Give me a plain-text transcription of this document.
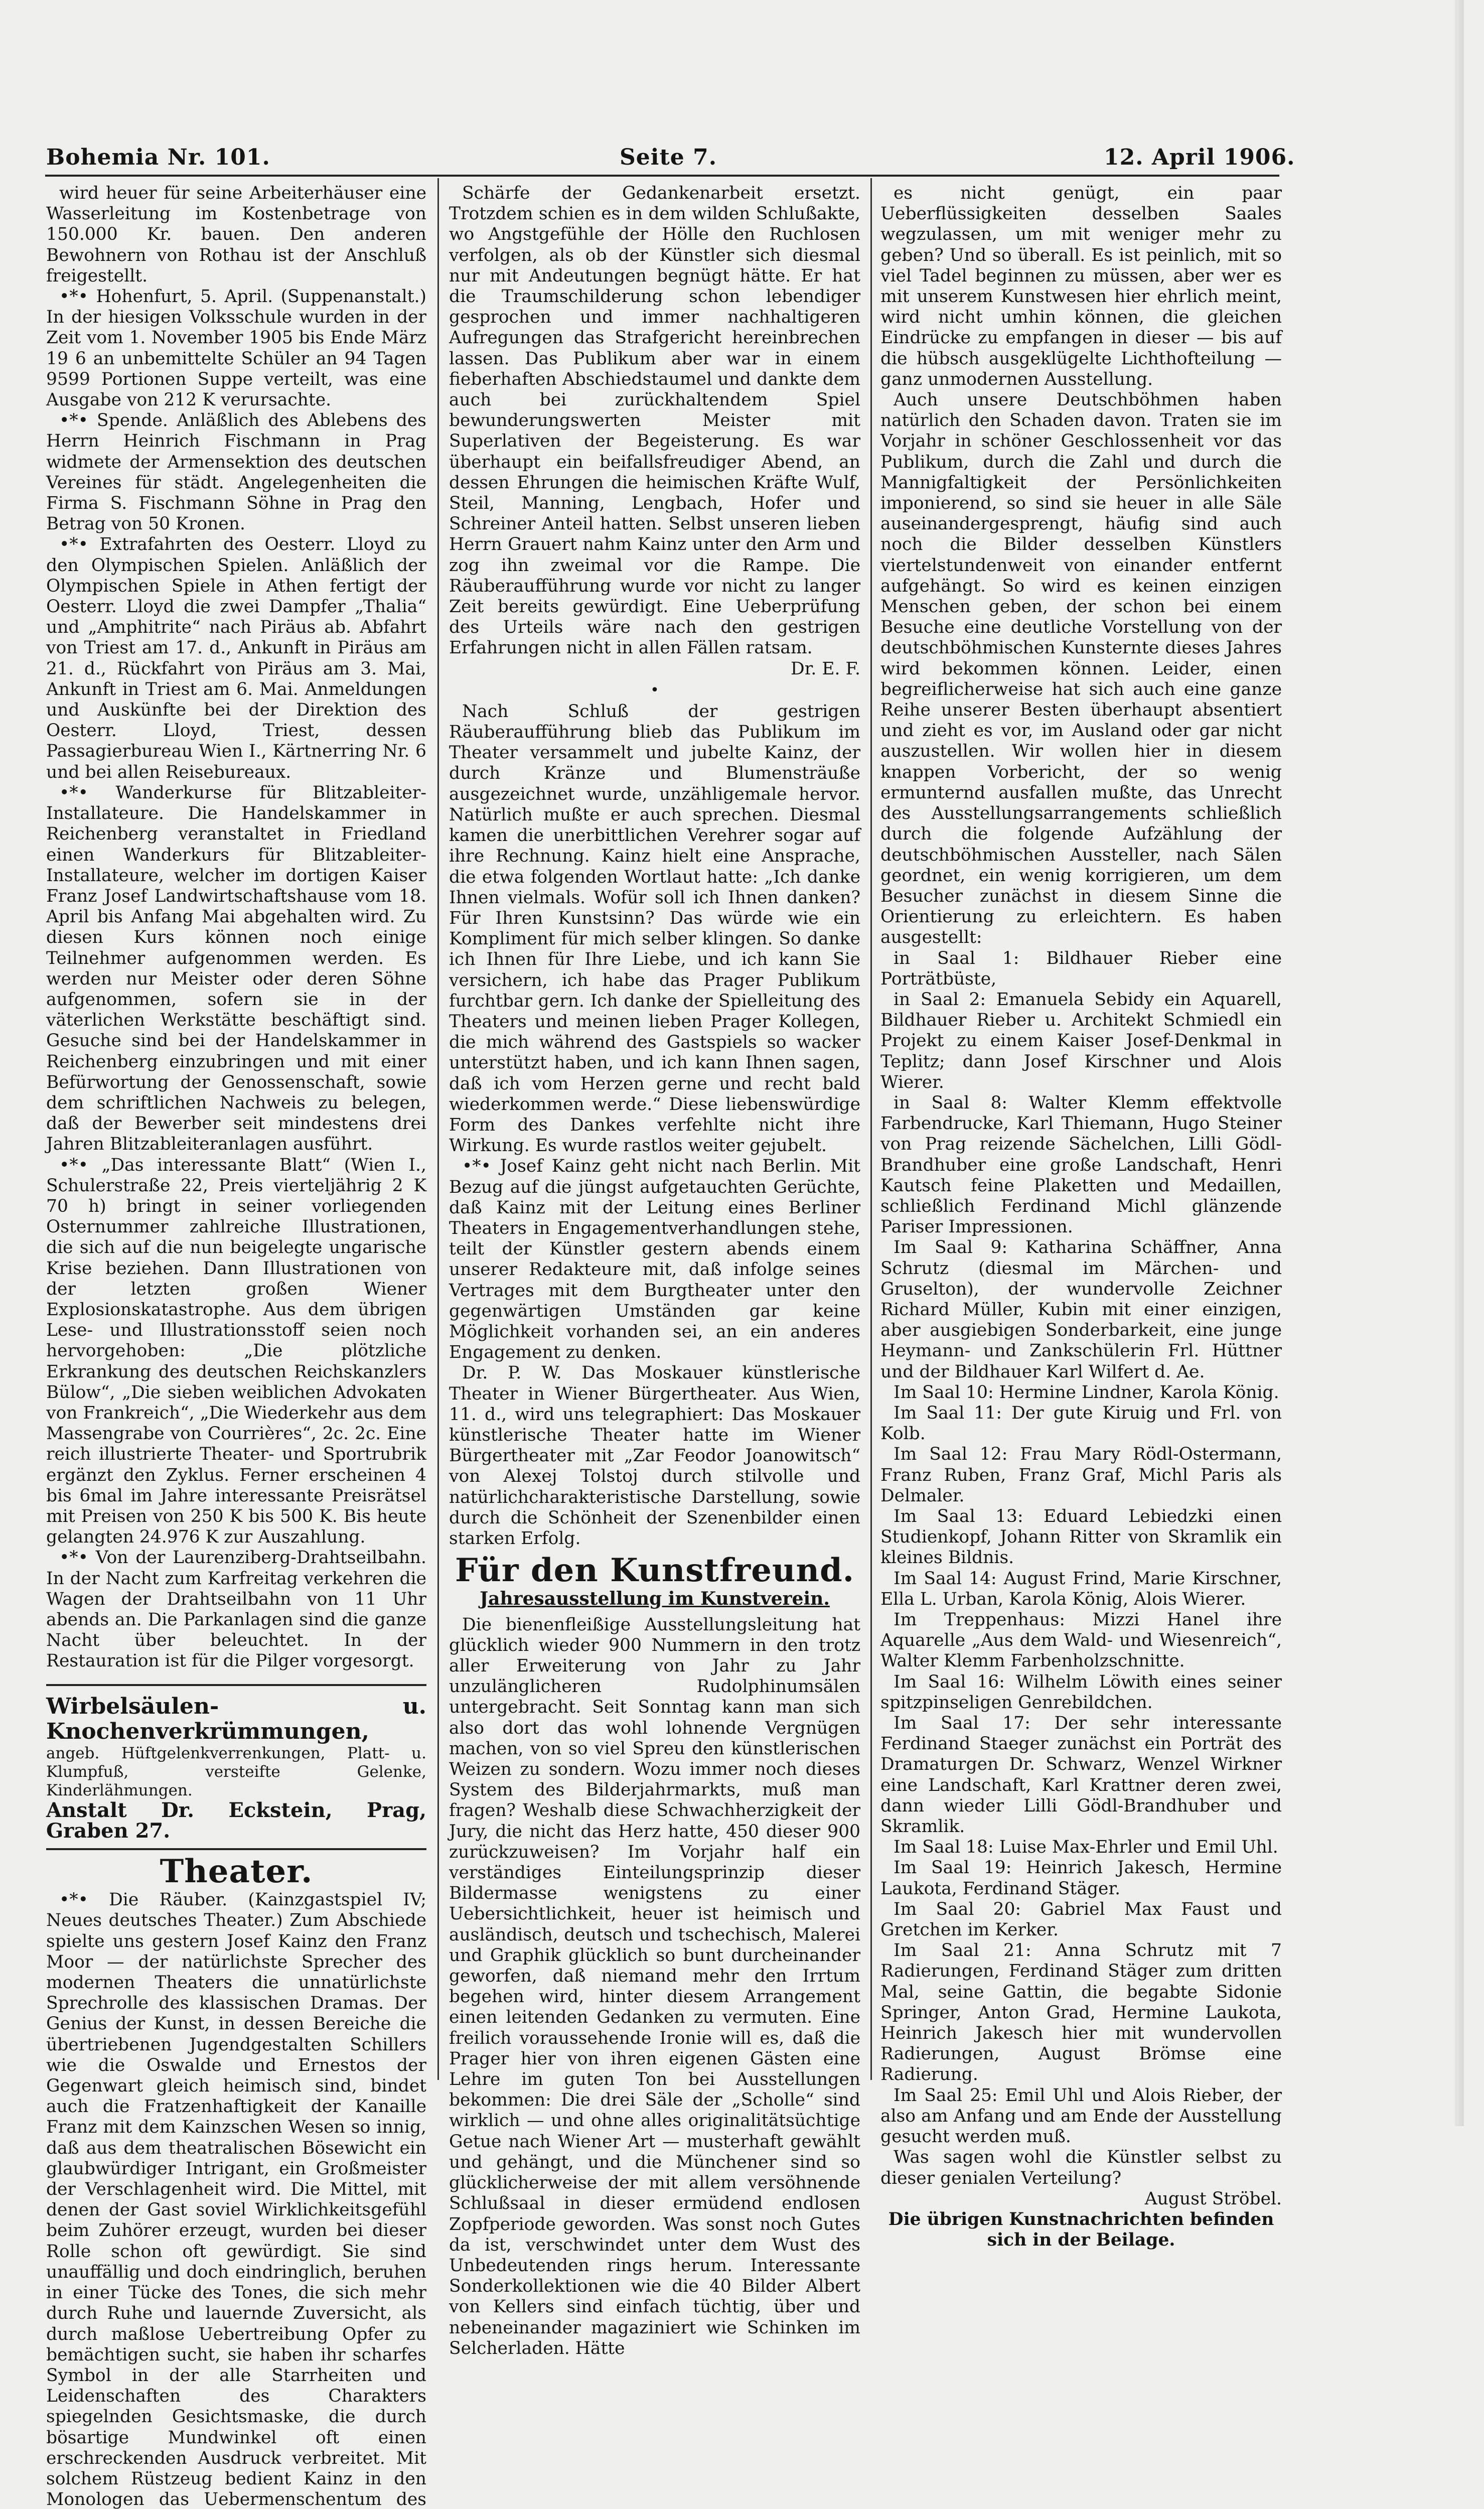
Bohemia Nr. 101.	Seite 7.	12. April 1906.

wird heuer für seine Arbeiterhäuser eine Wasserleitung im Kostenbetrage von 150.000 Kr. bauen. Den anderen Bewohnern von Rothau ist der Anschluß freigestellt.

•*• Hohenfurt, 5. April. (Suppenanstalt.) In der hiesigen Volksschule wurden in der Zeit vom 1. November 1905 bis Ende März 19 6 an unbemittelte Schüler an 94 Tagen 9599 Portionen Suppe verteilt, was eine Ausgabe von 212 K verursachte.

•*• Spende. Anläßlich des Ablebens des Herrn Heinrich Fischmann in Prag widmete der Armensektion des deutschen Vereines für städt. Angelegenheiten die Firma S. Fischmann Söhne in Prag den Betrag von 50 Kronen.

•*• Extrafahrten des Oesterr. Lloyd zu den Olympischen Spielen. Anläßlich der Olympischen Spiele in Athen fertigt der Oesterr. Lloyd die zwei Dampfer „Thalia“ und „Amphitrite“ nach Piräus ab. Abfahrt von Triest am 17. d., Ankunft in Piräus am 21. d., Rückfahrt von Piräus am 3. Mai, Ankunft in Triest am 6. Mai. Anmeldungen und Auskünfte bei der Direktion des Oesterr. Lloyd, Triest, dessen Passagierbureau Wien I., Kärtnerring Nr. 6 und bei allen Reisebureaux.

•*• Wanderkurse für Blitzableiter-Installateure. Die Handelskammer in Reichenberg veranstaltet in Friedland einen Wanderkurs für Blitzableiter-Installateure, welcher im dortigen Kaiser Franz Josef Landwirtschaftshause vom 18. April bis Anfang Mai abgehalten wird. Zu diesen Kurs können noch einige Teilnehmer aufgenommen werden. Es werden nur Meister oder deren Söhne aufgenommen, sofern sie in der väterlichen Werkstätte beschäftigt sind. Gesuche sind bei der Handelskammer in Reichenberg einzubringen und mit einer Befürwortung der Genossenschaft, sowie dem schriftlichen Nachweis zu belegen, daß der Bewerber seit mindestens drei Jahren Blitzableiteranlagen ausführt.

•*• „Das interessante Blatt“ (Wien I., Schulerstraße 22, Preis vierteljährig 2 K 70 h) bringt in seiner vorliegenden Osternummer zahlreiche Illustrationen, die sich auf die nun beigelegte ungarische Krise beziehen. Dann Illustrationen von der letzten großen Wiener Explosionskatastrophe. Aus dem übrigen Lese- und Illustrationsstoff seien noch hervorgehoben: „Die plötzliche Erkrankung des deutschen Reichskanzlers Bülow“, „Die sieben weiblichen Advokaten von Frankreich“, „Die Wiederkehr aus dem Massengrabe von Courrières“, 2c. 2c. Eine reich illustrierte Theater- und Sportrubrik ergänzt den Zyklus. Ferner erscheinen 4 bis 6mal im Jahre interessante Preisrätsel mit Preisen von 250 K bis 500 K. Bis heute gelangten 24.976 K zur Auszahlung.

•*• Von der Laurenziberg-Drahtseilbahn. In der Nacht zum Karfreitag verkehren die Wagen der Drahtseilbahn von 11 Uhr abends an. Die Parkanlagen sind die ganze Nacht über beleuchtet. In der Restauration ist für die Pilger vorgesorgt.

Wirbelsäulen- u. Knochenverkrümmungen,

angeb. Hüftgelenkverrenkungen, Platt- u. Klumpfuß, versteifte Gelenke, Kinderlähmungen.

Anstalt Dr. Eckstein, Prag, Graben 27.

Theater.

•*• Die Räuber. (Kainzgastspiel IV; Neues deutsches Theater.) Zum Abschiede spielte uns gestern Josef Kainz den Franz Moor — der natürlichste Sprecher des modernen Theaters die unnatürlichste Sprechrolle des klassischen Dramas. Der Genius der Kunst, in dessen Bereiche die übertriebenen Jugendgestalten Schillers wie die Oswalde und Ernestos der Gegenwart gleich heimisch sind, bindet auch die Fratzenhaftigkeit der Kanaille Franz mit dem Kainzschen Wesen so innig, daß aus dem theatralischen Bösewicht ein glaubwürdiger Intrigant, ein Großmeister der Verschlagenheit wird. Die Mittel, mit denen der Gast soviel Wirklichkeitsgefühl beim Zuhörer erzeugt, wurden bei dieser Rolle schon oft gewürdigt. Sie sind unauffällig und doch eindringlich, beruhen in einer Tücke des Tones, die sich mehr durch Ruhe und lauernde Zuversicht, als durch maßlose Uebertreibung Opfer zu bemächtigen sucht, sie haben ihr scharfes Symbol in der alle Starrheiten und Leidenschaften des Charakters spiegelnden Gesichtsmaske, die durch bösartige Mundwinkel oft einen erschreckenden Ausdruck verbreitet. Mit solchem Rüstzeug bedient Kainz in den Monologen das Uebermenschentum des

Schärfe der Gedankenarbeit ersetzt. Trotzdem schien es in dem wilden Schlußakte, wo Angstgefühle der Hölle den Ruchlosen verfolgen, als ob der Künstler sich diesmal nur mit Andeutungen begnügt hätte. Er hat die Traumschilderung schon lebendiger gesprochen und immer nachhaltigeren Aufregungen das Strafgericht hereinbrechen lassen. Das Publikum aber war in einem fieberhaften Abschiedstaumel und dankte dem auch bei zurückhaltendem Spiel bewunderungswerten Meister mit Superlativen der Begeisterung. Es war überhaupt ein beifallsfreudiger Abend, an dessen Ehrungen die heimischen Kräfte Wulf, Steil, Manning, Lengbach, Hofer und Schreiner Anteil hatten. Selbst unseren lieben Herrn Grauert nahm Kainz unter den Arm und zog ihn zweimal vor die Rampe. Die Räuberaufführung wurde vor nicht zu langer Zeit bereits gewürdigt. Eine Ueberprüfung des Urteils wäre nach den gestrigen Erfahrungen nicht in allen Fällen ratsam.

Dr. E. F.

•

Nach Schluß der gestrigen Räuberaufführung blieb das Publikum im Theater versammelt und jubelte Kainz, der durch Kränze und Blumensträuße ausgezeichnet wurde, unzähligemale hervor. Natürlich mußte er auch sprechen. Diesmal kamen die unerbittlichen Verehrer sogar auf ihre Rechnung. Kainz hielt eine Ansprache, die etwa folgenden Wortlaut hatte: „Ich danke Ihnen vielmals. Wofür soll ich Ihnen danken? Für Ihren Kunstsinn? Das würde wie ein Kompliment für mich selber klingen. So danke ich Ihnen für Ihre Liebe, und ich kann Sie versichern, ich habe das Prager Publikum furchtbar gern. Ich danke der Spielleitung des Theaters und meinen lieben Prager Kollegen, die mich während des Gastspiels so wacker unterstützt haben, und ich kann Ihnen sagen, daß ich vom Herzen gerne und recht bald wiederkommen werde.“ Diese liebenswürdige Form des Dankes verfehlte nicht ihre Wirkung. Es wurde rastlos weiter gejubelt.

•*• Josef Kainz geht nicht nach Berlin. Mit Bezug auf die jüngst aufgetauchten Gerüchte, daß Kainz mit der Leitung eines Berliner Theaters in Engagementverhandlungen stehe, teilt der Künstler gestern abends einem unserer Redakteure mit, daß infolge seines Vertrages mit dem Burgtheater unter den gegenwärtigen Umständen gar keine Möglichkeit vorhanden sei, an ein anderes Engagement zu denken.

Dr. P. W. Das Moskauer künstlerische Theater in Wiener Bürgertheater. Aus Wien, 11. d., wird uns telegraphiert: Das Moskauer künstlerische Theater hatte im Wiener Bürgertheater mit „Zar Feodor Joanowitsch“ von Alexej Tolstoj durch stilvolle und natürlichcharakteristische Darstellung, sowie durch die Schönheit der Szenenbilder einen starken Erfolg.

Für den Kunstfreund.
Jahresausstellung im Kunstverein.

Die bienenfleißige Ausstellungsleitung hat glücklich wieder 900 Nummern in den trotz aller Erweiterung von Jahr zu Jahr unzulänglicheren Rudolphinumsälen untergebracht. Seit Sonntag kann man sich also dort das wohl lohnende Vergnügen machen, von so viel Spreu den künstlerischen Weizen zu sondern. Wozu immer noch dieses System des Bilderjahrmarkts, muß man fragen? Weshalb diese Schwachherzigkeit der Jury, die nicht das Herz hatte, 450 dieser 900 zurückzuweisen? Im Vorjahr half ein verständiges Einteilungsprinzip dieser Bildermasse wenigstens zu einer Uebersichtlichkeit, heuer ist heimisch und ausländisch, deutsch und tschechisch, Malerei und Graphik glücklich so bunt durcheinander geworfen, daß niemand mehr den Irrtum begehen wird, hinter diesem Arrangement einen leitenden Gedanken zu vermuten. Eine freilich voraussehende Ironie will es, daß die Prager hier von ihren eigenen Gästen eine Lehre im guten Ton bei Ausstellungen bekommen: Die drei Säle der „Scholle“ sind wirklich — und ohne alles originalitätsüchtige Getue nach Wiener Art — musterhaft gewählt und gehängt, und die Münchener sind so glücklicherweise der mit allem versöhnende Schlußsaal in dieser ermüdend endlosen Zopfperiode geworden. Was sonst noch Gutes da ist, verschwindet unter dem Wust des Unbedeutenden rings herum. Interessante Sonderkollektionen wie die 40 Bilder Albert von Kellers sind einfach tüchtig, über und nebeneinander magaziniert wie Schinken im Selcherladen. Hätte

es nicht genügt, ein paar Ueberflüssigkeiten desselben Saales wegzulassen, um mit weniger mehr zu geben? Und so überall. Es ist peinlich, mit so viel Tadel beginnen zu müssen, aber wer es mit unserem Kunstwesen hier ehrlich meint, wird nicht umhin können, die gleichen Eindrücke zu empfangen in dieser — bis auf die hübsch ausgeklügelte Lichthofteilung — ganz unmodernen Ausstellung.

Auch unsere Deutschböhmen haben natürlich den Schaden davon. Traten sie im Vorjahr in schöner Geschlossenheit vor das Publikum, durch die Zahl und durch die Mannigfaltigkeit der Persönlichkeiten imponierend, so sind sie heuer in alle Säle auseinandergesprengt, häufig sind auch noch die Bilder desselben Künstlers viertelstundenweit von einander entfernt aufgehängt. So wird es keinen einzigen Menschen geben, der schon bei einem Besuche eine deutliche Vorstellung von der deutschböhmischen Kunsternte dieses Jahres wird bekommen können. Leider, einen begreiflicherweise hat sich auch eine ganze Reihe unserer Besten überhaupt absentiert und zieht es vor, im Ausland oder gar nicht auszustellen. Wir wollen hier in diesem knappen Vorbericht, der so wenig ermunternd ausfallen mußte, das Unrecht des Ausstellungsarrangements schließlich durch die folgende Aufzählung der deutschböhmischen Aussteller, nach Sälen geordnet, ein wenig korrigieren, um dem Besucher zunächst in diesem Sinne die Orientierung zu erleichtern. Es haben ausgestellt:

in Saal 1: Bildhauer Rieber eine Porträtbüste,

in Saal 2: Emanuela Sebidy ein Aquarell, Bildhauer Rieber u. Architekt Schmiedl ein Projekt zu einem Kaiser Josef-Denkmal in Teplitz; dann Josef Kirschner und Alois Wierer.

in Saal 8: Walter Klemm effektvolle Farbendrucke, Karl Thiemann, Hugo Steiner von Prag reizende Sächelchen, Lilli Gödl-Brandhuber eine große Landschaft, Henri Kautsch feine Plaketten und Medaillen, schließlich Ferdinand Michl glänzende Pariser Impressionen.

Im Saal 9: Katharina Schäffner, Anna Schrutz (diesmal im Märchen- und Gruselton), der wundervolle Zeichner Richard Müller, Kubin mit einer einzigen, aber ausgiebigen Sonderbarkeit, eine junge Heymann- und Zankschülerin Frl. Hüttner und der Bildhauer Karl Wilfert d. Ae.

Im Saal 10: Hermine Lindner, Karola König.

Im Saal 11: Der gute Kiruig und Frl. von Kolb.

Im Saal 12: Frau Mary Rödl-Ostermann, Franz Ruben, Franz Graf, Michl Paris als Delmaler.

Im Saal 13: Eduard Lebiedzki einen Studienkopf, Johann Ritter von Skramlik ein kleines Bildnis.

Im Saal 14: August Frind, Marie Kirschner, Ella L. Urban, Karola König, Alois Wierer.

Im Treppenhaus: Mizzi Hanel ihre Aquarelle „Aus dem Wald- und Wiesenreich“, Walter Klemm Farbenholzschnitte.

Im Saal 16: Wilhelm Löwith eines seiner spitzpinseligen Genrebildchen.

Im Saal 17: Der sehr interessante Ferdinand Staeger zunächst ein Porträt des Dramaturgen Dr. Schwarz, Wenzel Wirkner eine Landschaft, Karl Krattner deren zwei, dann wieder Lilli Gödl-Brandhuber und Skramlik.

Im Saal 18: Luise Max-Ehrler und Emil Uhl.

Im Saal 19: Heinrich Jakesch, Hermine Laukota, Ferdinand Stäger.

Im Saal 20: Gabriel Max Faust und Gretchen im Kerker.

Im Saal 21: Anna Schrutz mit 7 Radierungen, Ferdinand Stäger zum dritten Mal, seine Gattin, die begabte Sidonie Springer, Anton Grad, Hermine Laukota, Heinrich Jakesch hier mit wundervollen Radierungen, August Brömse eine Radierung.

Im Saal 25: Emil Uhl und Alois Rieber, der also am Anfang und am Ende der Ausstellung gesucht werden muß.

Was sagen wohl die Künstler selbst zu dieser genialen Verteilung?

August Ströbel.

Die übrigen Kunstnachrichten befinden sich in der Beilage.
